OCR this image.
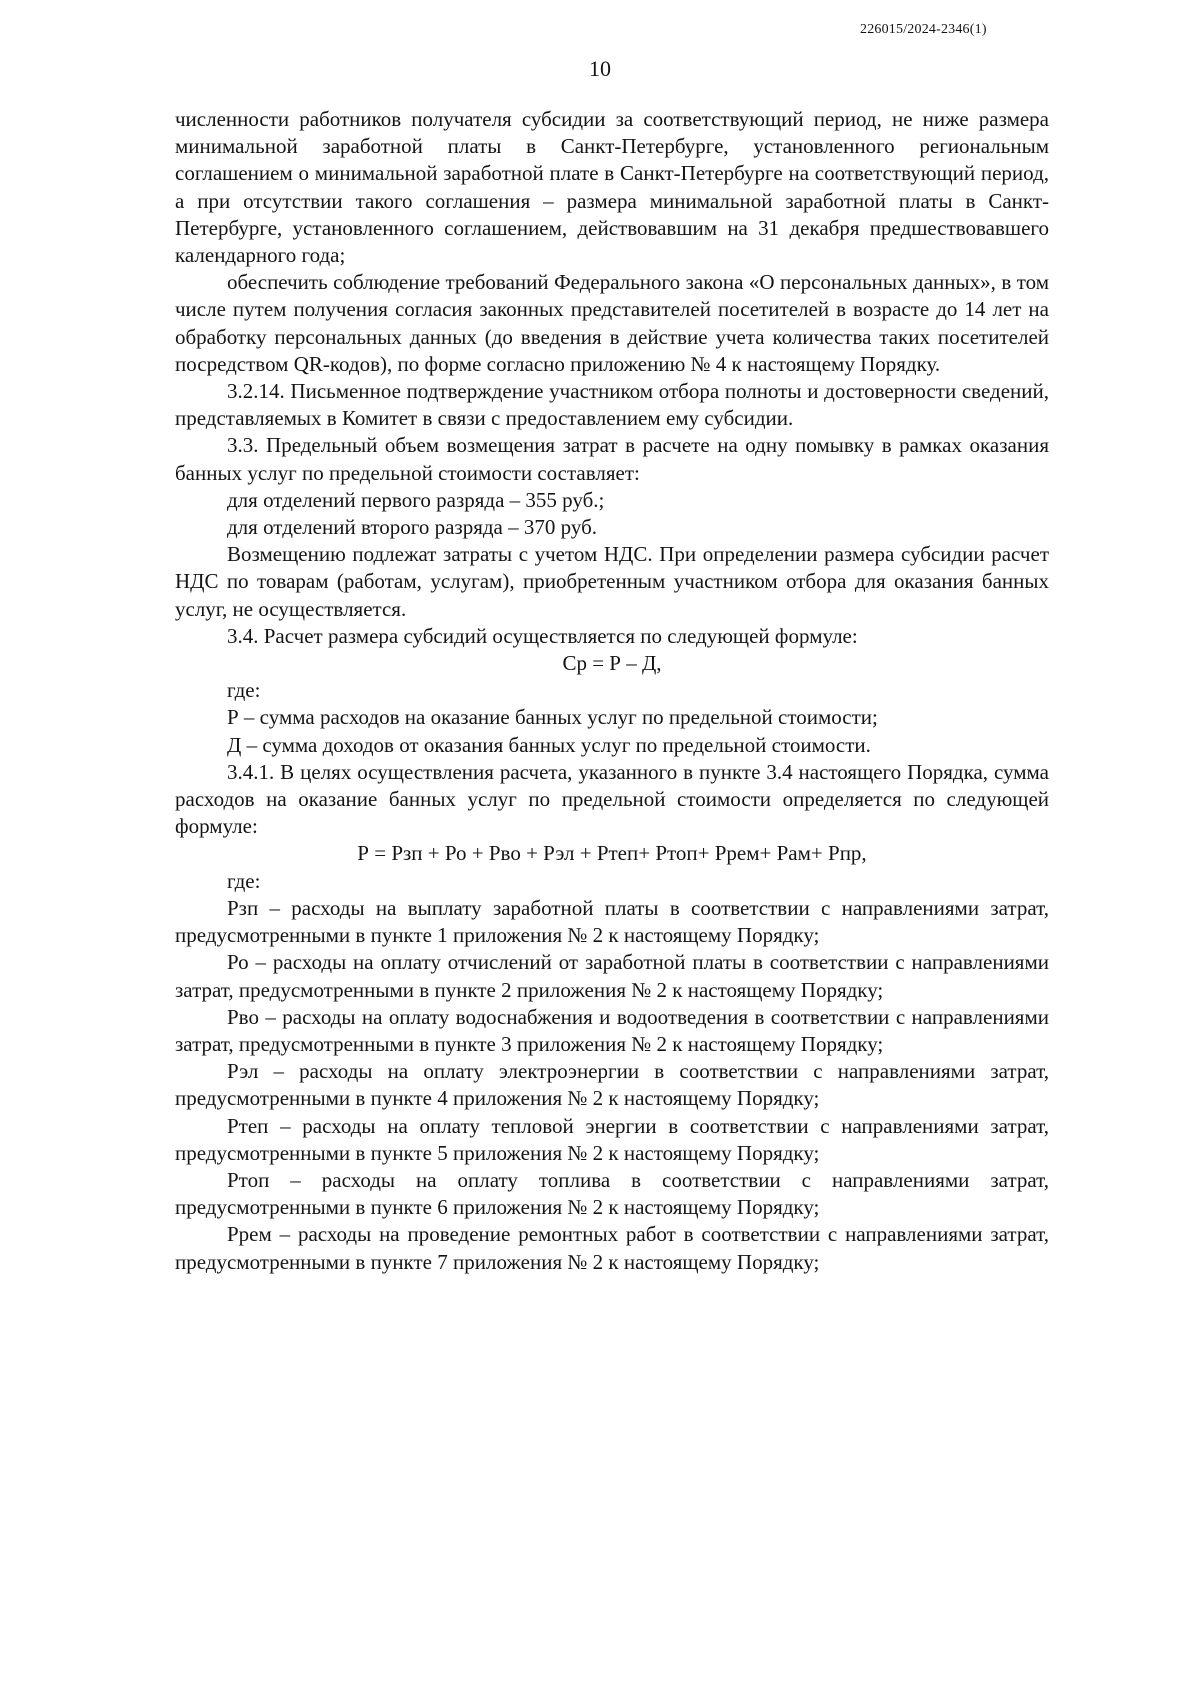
226015/2024-2346(1)
10

численности работников получателя субсидии за соответствующий период, не ниже размера минимальной заработной платы в Санкт-Петербурге, установленного региональным соглашением о минимальной заработной плате в Санкт-Петербурге на соответствующий период, а при отсутствии такого соглашения – размера минимальной заработной платы в Санкт-Петербурге, установленного соглашением, действовавшим на 31 декабря предшествовавшего календарного года;

обеспечить соблюдение требований Федерального закона «О персональных данных», в том числе путем получения согласия законных представителей посетителей в возрасте до 14 лет на обработку персональных данных (до введения в действие учета количества таких посетителей посредством QR-кодов), по форме согласно приложению № 4 к настоящему Порядку.

3.2.14. Письменное подтверждение участником отбора полноты и достоверности сведений, представляемых в Комитет в связи с предоставлением ему субсидии.

3.3. Предельный объем возмещения затрат в расчете на одну помывку в рамках оказания банных услуг по предельной стоимости составляет:

для отделений первого разряда – 355 руб.;

для отделений второго разряда – 370 руб.

Возмещению подлежат затраты с учетом НДС. При определении размера субсидии расчет НДС по товарам (работам, услугам), приобретенным участником отбора для оказания банных услуг, не осуществляется.

3.4. Расчет размера субсидий осуществляется по следующей формуле:

Ср = Р – Д,

где:

Р – сумма расходов на оказание банных услуг по предельной стоимости;

Д – сумма доходов от оказания банных услуг по предельной стоимости.

3.4.1. В целях осуществления расчета, указанного в пункте 3.4 настоящего Порядка, сумма расходов на оказание банных услуг по предельной стоимости определяется по следующей формуле:

Р = Рзп + Ро + Рво + Рэл + Ртеп+ Ртоп+ Ррем+ Рам+ Рпр,

где:

Рзп – расходы на выплату заработной платы в соответствии с направлениями затрат, предусмотренными в пункте 1 приложения № 2 к настоящему Порядку;

Ро – расходы на оплату отчислений от заработной платы в соответствии с направлениями затрат, предусмотренными в пункте 2 приложения № 2 к настоящему Порядку;

Рво – расходы на оплату водоснабжения и водоотведения в соответствии с направлениями затрат, предусмотренными в пункте 3 приложения № 2 к настоящему Порядку;

Рэл – расходы на оплату электроэнергии в соответствии с направлениями затрат, предусмотренными в пункте 4 приложения № 2 к настоящему Порядку;

Ртеп – расходы на оплату тепловой энергии в соответствии с направлениями затрат, предусмотренными в пункте 5 приложения № 2 к настоящему Порядку;

Ртоп – расходы на оплату топлива в соответствии с направлениями затрат, предусмотренными в пункте 6 приложения № 2 к настоящему Порядку;

Ррем – расходы на проведение ремонтных работ в соответствии с направлениями затрат, предусмотренными в пункте 7 приложения № 2 к настоящему Порядку;
